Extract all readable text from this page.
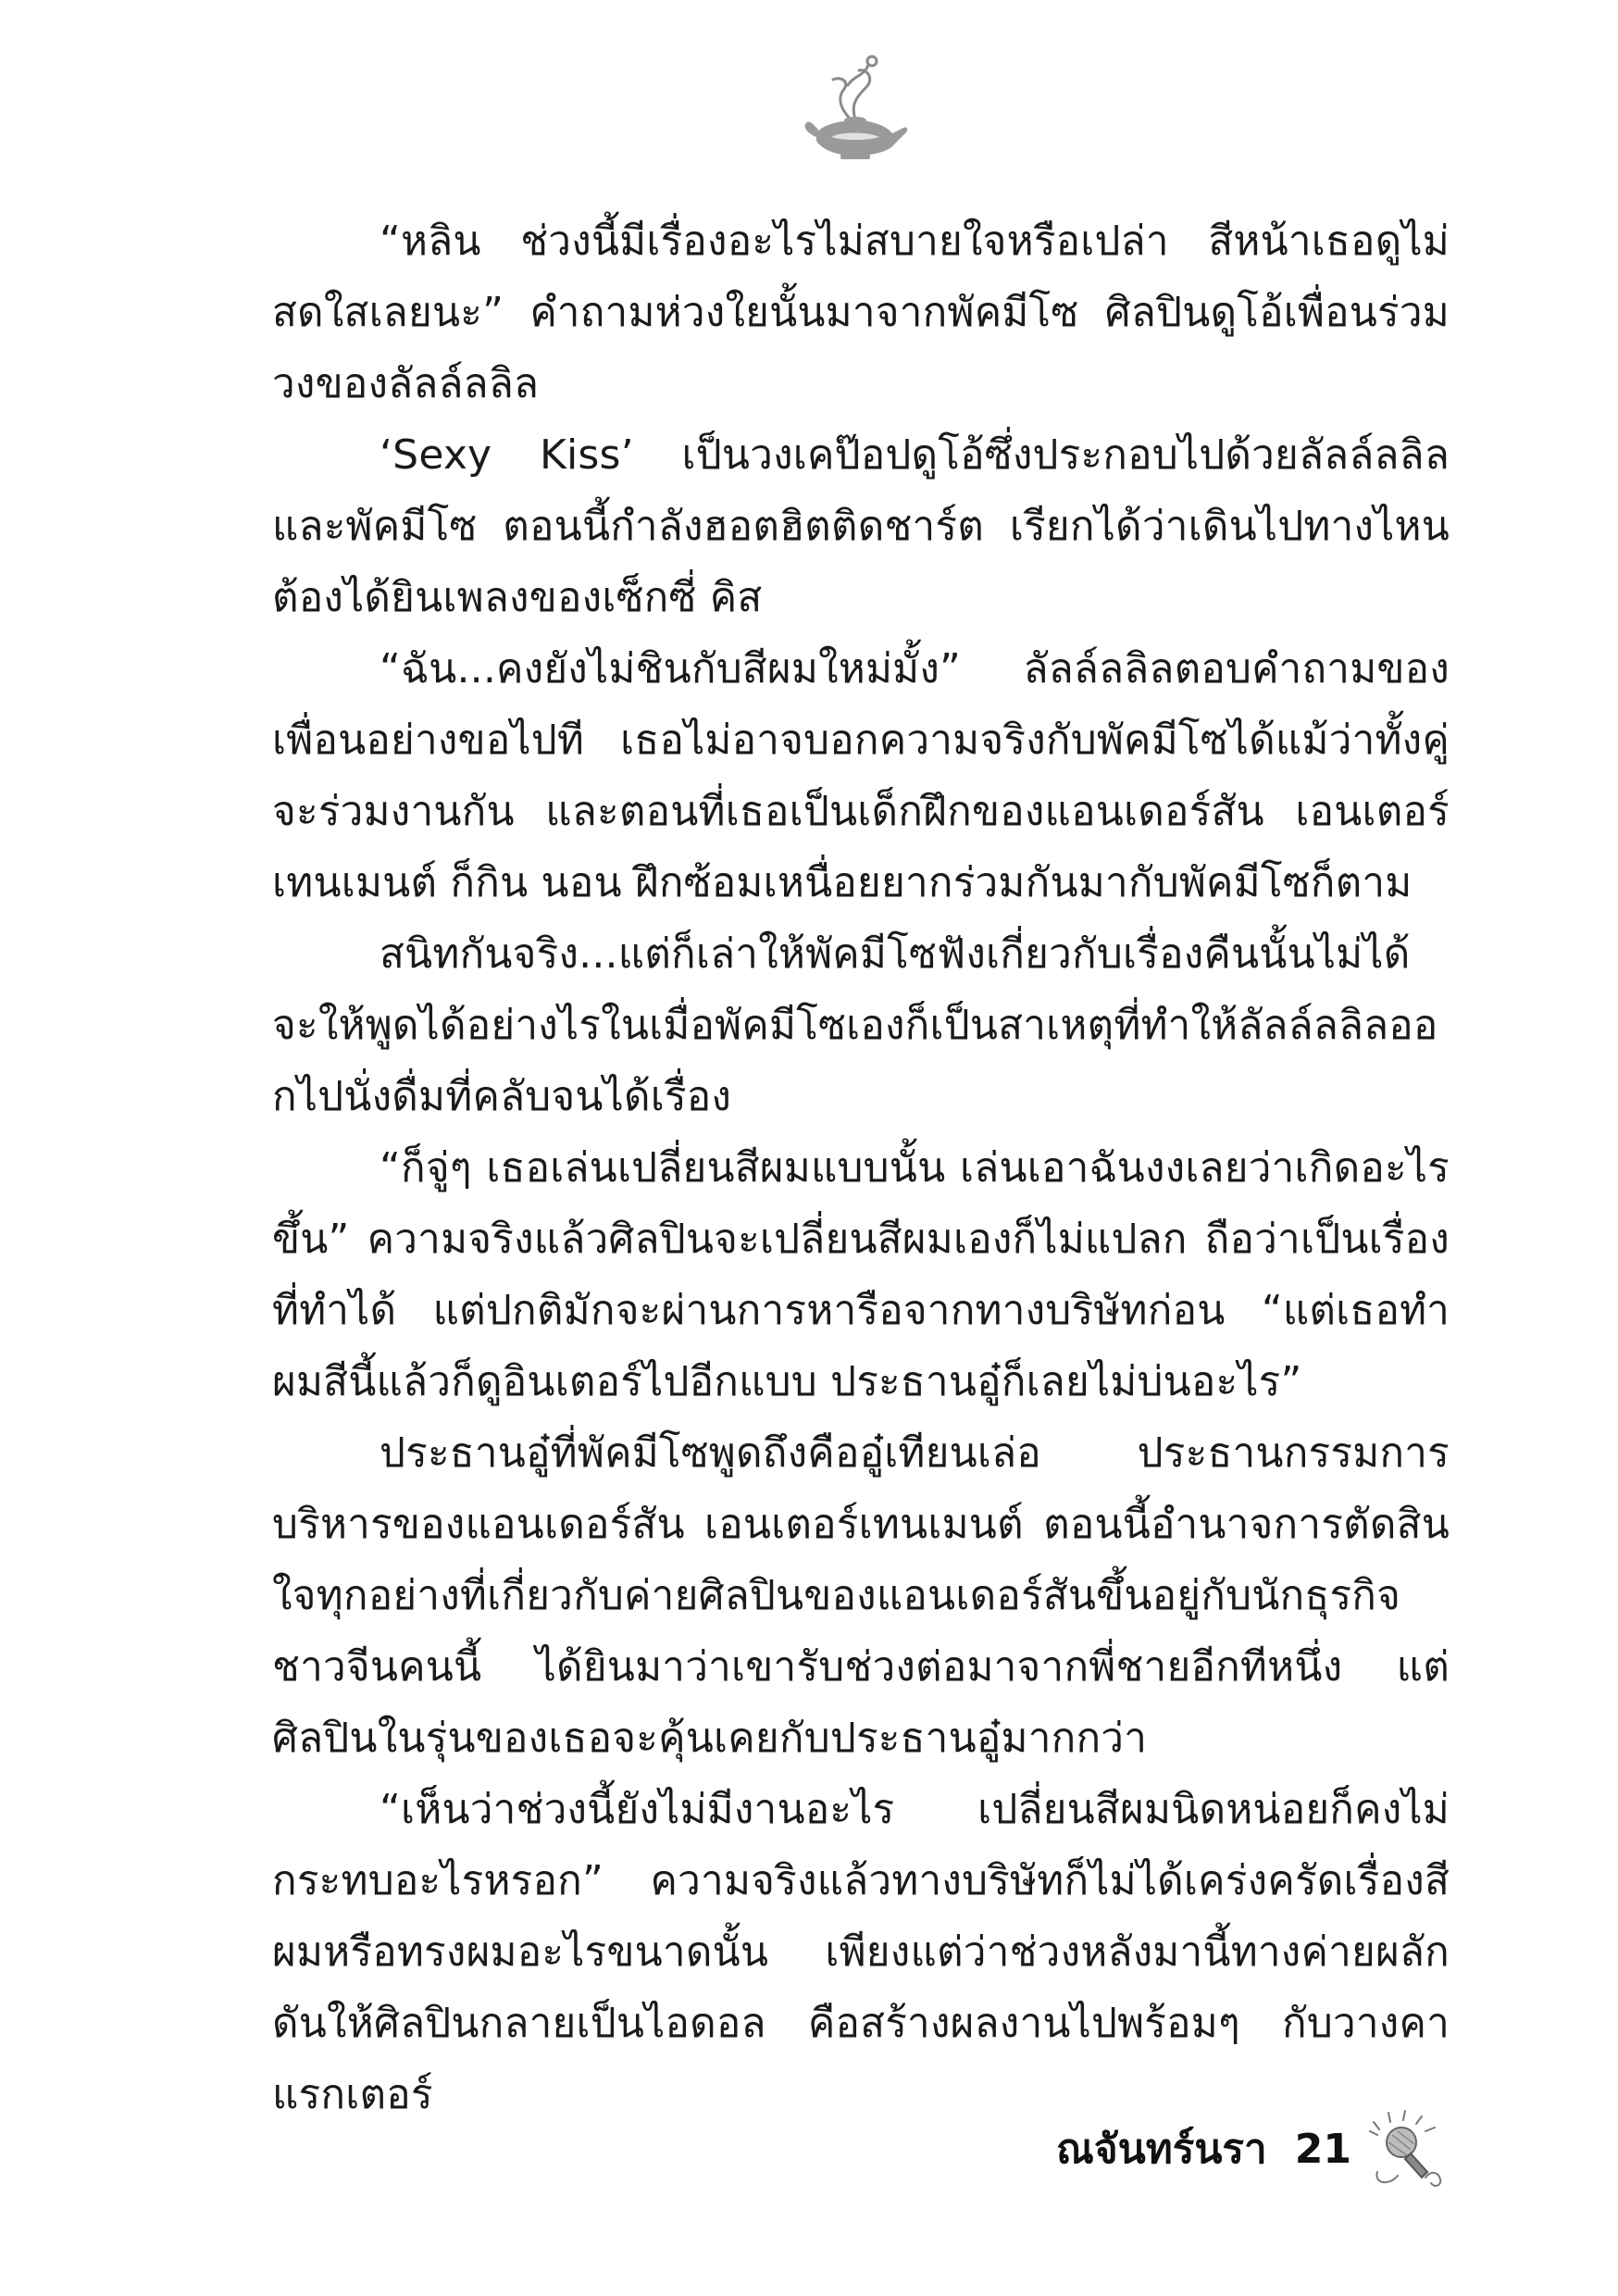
“หลิน ช่วงนี้มีเรื่องอะไรไม่สบายใจหรือเปล่า สีหน้าเธอดูไม่สดใสเลยนะ” คำถามห่วงใยนั้นมาจากพัคมีโซ ศิลปินดูโอ้เพื่อนร่วมวงของลัลล์ลลิล

‘Sexy Kiss’ เป็นวงเคป๊อปดูโอ้ซึ่งประกอบไปด้วยลัลล์ลลิลและพัคมีโซ ตอนนี้กำลังฮอตฮิตติดชาร์ต เรียกได้ว่าเดินไปทางไหนต้องได้ยินเพลงของเซ็กซี่ คิส

“ฉัน...คงยังไม่ชินกับสีผมใหม่มั้ง” ลัลล์ลลิลตอบคำถามของเพื่อนอย่างขอไปที เธอไม่อาจบอกความจริงกับพัคมีโซได้แม้ว่าทั้งคู่จะร่วมงานกัน และตอนที่เธอเป็นเด็กฝึกของแอนเดอร์สัน เอนเตอร์เทนเมนต์ ก็กิน นอน ฝึกซ้อมเหนื่อยยากร่วมกันมากับพัคมีโซก็ตาม

สนิทกันจริง...แต่ก็เล่าให้พัคมีโซฟังเกี่ยวกับเรื่องคืนนั้นไม่ได้ จะให้พูดได้อย่างไรในเมื่อพัคมีโซเองก็เป็นสาเหตุที่ทำให้ลัลล์ลลิลออกไปนั่งดื่มที่คลับจนได้เรื่อง

“ก็จู่ๆ เธอเล่นเปลี่ยนสีผมแบบนั้น เล่นเอาฉันงงเลยว่าเกิดอะไรขึ้น” ความจริงแล้วศิลปินจะเปลี่ยนสีผมเองก็ไม่แปลก ถือว่าเป็นเรื่องที่ทำได้ แต่ปกติมักจะผ่านการหารือจากทางบริษัทก่อน “แต่เธอทำผมสีนี้แล้วก็ดูอินเตอร์ไปอีกแบบ ประธานอู๋ก็เลยไม่บ่นอะไร”

ประธานอู๋ที่พัคมีโซพูดถึงคืออู๋เทียนเล่อ ประธานกรรมการบริหารของแอนเดอร์สัน เอนเตอร์เทนเมนต์ ตอนนี้อำนาจการตัดสินใจทุกอย่างที่เกี่ยวกับค่ายศิลปินของแอนเดอร์สันขึ้นอยู่กับนักธุรกิจชาวจีนคนนี้ ได้ยินมาว่าเขารับช่วงต่อมาจากพี่ชายอีกทีหนึ่ง แต่ศิลปินในรุ่นของเธอจะคุ้นเคยกับประธานอู๋มากกว่า

“เห็นว่าช่วงนี้ยังไม่มีงานอะไร เปลี่ยนสีผมนิดหน่อยก็คงไม่กระทบอะไรหรอก” ความจริงแล้วทางบริษัทก็ไม่ได้เคร่งครัดเรื่องสีผมหรือทรงผมอะไรขนาดนั้น เพียงแต่ว่าช่วงหลังมานี้ทางค่ายผลักดันให้ศิลปินกลายเป็นไอดอล คือสร้างผลงานไปพร้อมๆ กับวางคาแรกเตอร์

ณจันทร์นรา 21
